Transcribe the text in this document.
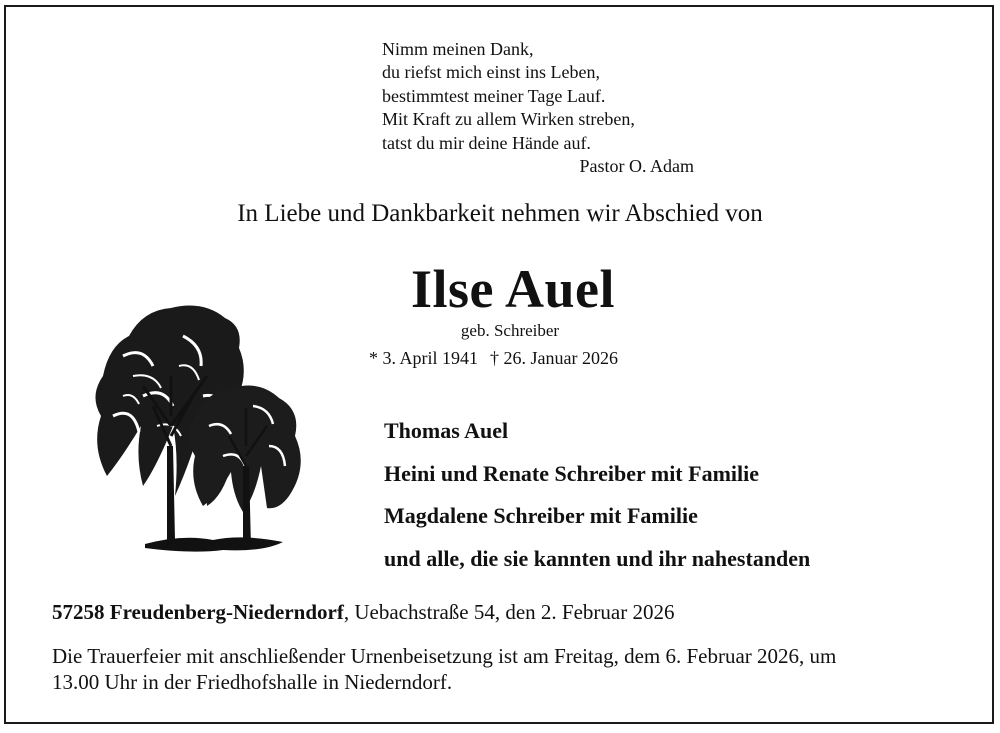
Nimm meinen Dank,
du riefst mich einst ins Leben,
bestimmtest meiner Tage Lauf.
Mit Kraft zu allem Wirken streben,
tatst du mir deine Hände auf.
Pastor O. Adam
In Liebe und Dankbarkeit nehmen wir Abschied von
Ilse Auel
geb. Schreiber
* 3. April 1941 † 26. Januar 2026
Thomas Auel
Heini und Renate Schreiber mit Familie
Magdalene Schreiber mit Familie
und alle, die sie kannten und ihr nahestanden
57258 Freudenberg-Niederndorf, Uebachstraße 54, den 2. Februar 2026
Die Trauerfeier mit anschließender Urnenbeisetzung ist am Freitag, dem 6. Februar 2026, um
13.00 Uhr in der Friedhofshalle in Niederndorf.
